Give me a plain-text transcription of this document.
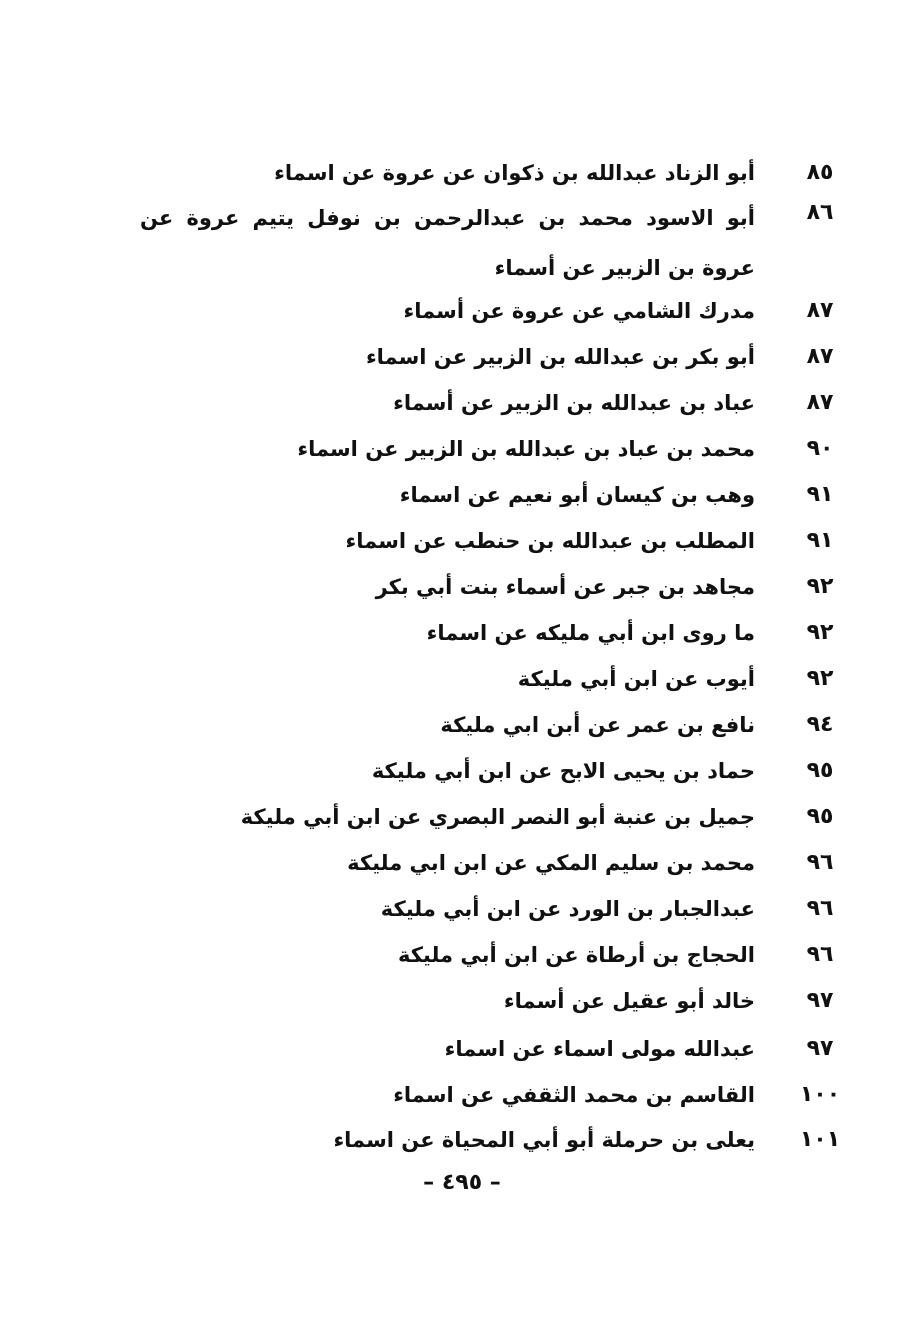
٨٥
أبو الزناد عبدالله بن ذكوان عن عروة عن اسماء
٨٦
أبو الاسود محمد بن عبدالرحمن بن نوفل يتيم عروة عن عروة بن الزبير عن أسماء
٨٧
مدرك الشامي عن عروة عن أسماء
٨٧
أبو بكر بن عبدالله بن الزبير عن اسماء
٨٧
عباد بن عبدالله بن الزبير عن أسماء
٩٠
محمد بن عباد بن عبدالله بن الزبير عن اسماء
٩١
وهب بن كيسان أبو نعيم عن اسماء
٩١
المطلب بن عبدالله بن حنطب عن اسماء
٩٢
مجاهد بن جبر عن أسماء بنت أبي بكر
٩٢
ما روى ابن أبي مليكه عن اسماء
٩٢
أيوب عن ابن أبي مليكة
٩٤
نافع بن عمر عن أبن ابي مليكة
٩٥
حماد بن يحيى الابح عن ابن أبي مليكة
٩٥
جميل بن عنبة أبو النصر البصري عن ابن أبي مليكة
٩٦
محمد بن سليم المكي عن ابن ابي مليكة
٩٦
عبدالجبار بن الورد عن ابن أبي مليكة
٩٦
الحجاج بن أرطاة عن ابن أبي مليكة
٩٧
خالد أبو عقيل عن أسماء
٩٧
عبدالله مولى اسماء عن اسماء
١٠٠
القاسم بن محمد الثقفي عن اسماء
١٠١
يعلى بن حرملة أبو أبي المحياة عن اسماء
– ٤٩٥ –
